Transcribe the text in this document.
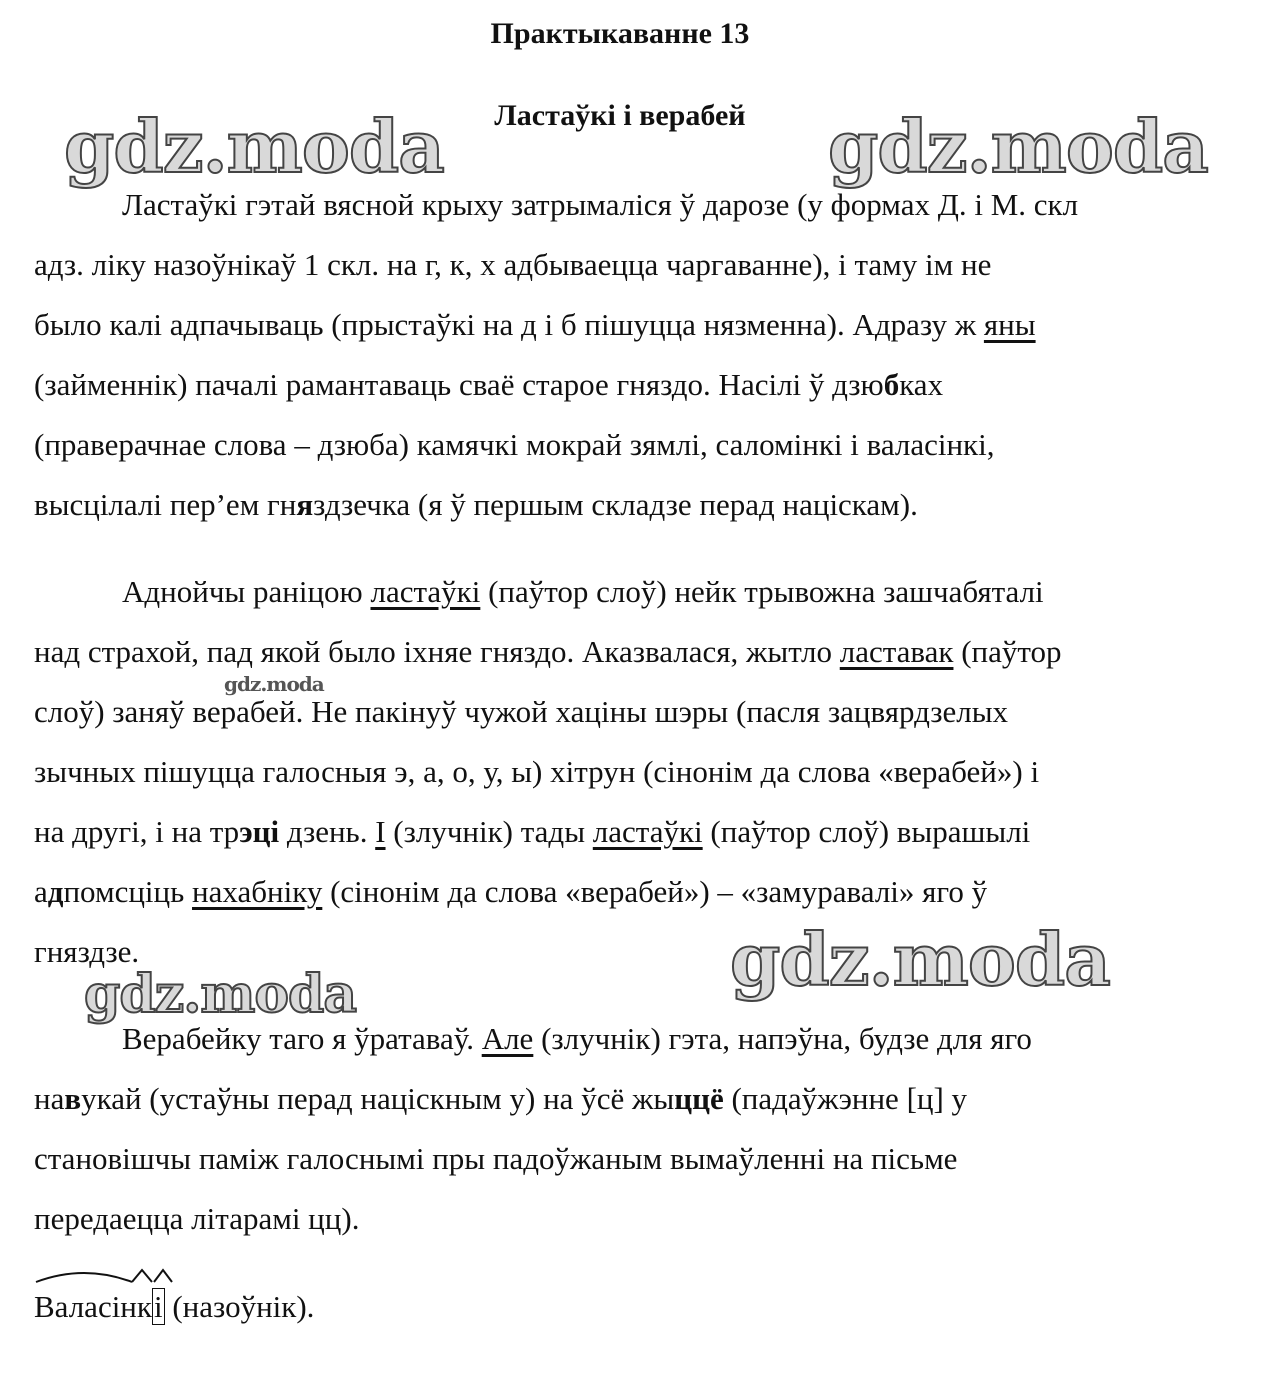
Практыкаванне 13
Ластаўкі і верабей
Ластаўкі гэтай вясной крыху затрымаліся ў дарозе (у формах Д. і М. скл
адз. ліку назоўнікаў 1 скл. на г, к, х адбываецца чаргаванне), і таму ім не
было калі адпачываць (прыстаўкі на д і б пішуцца нязменна). Адразу ж яны
(займеннік) пачалі рамантаваць сваё старое гняздо. Насілі ў дзюбках
(праверачнае слова – дзюба) камячкі мокрай зямлі, саломінкі і валасінкі,
высцілалі пер’ем гняздзечка (я ў першым складзе перад націскам).
Аднойчы раніцою ластаўкі (паўтор слоў) нейк трывожна зашчабяталі
над страхой, пад якой было іхняе гняздо. Аказвалася, жытло ластавак (паўтор
слоў) заняў верабей. Не пакінуў чужой хаціны шэры (пасля зацвярдзелых
зычных пішуцца галосныя э, а, о, у, ы) хітрун (сінонім да слова «верабей») і
на другі, і на трэці дзень. І (злучнік) тады ластаўкі (паўтор слоў) вырашылі
адпомсціць нахабніку (сінонім да слова «верабей») – «замуравалі» яго ў
гняздзе.
Верабейку таго я ўратаваў. Але (злучнік) гэта, напэўна, будзе для яго
навукай (устаўны перад націскным у) на ўсё жыццё (падаўжэнне [ц] у
становішчы паміж галоснымі пры падоўжаным вымаўленні на пісьме
передаецца літарамі цц).
Валасінкі (назоўнік).
gdz.moda	gdz.moda
gdz.moda
gdz.moda
gdz.moda
